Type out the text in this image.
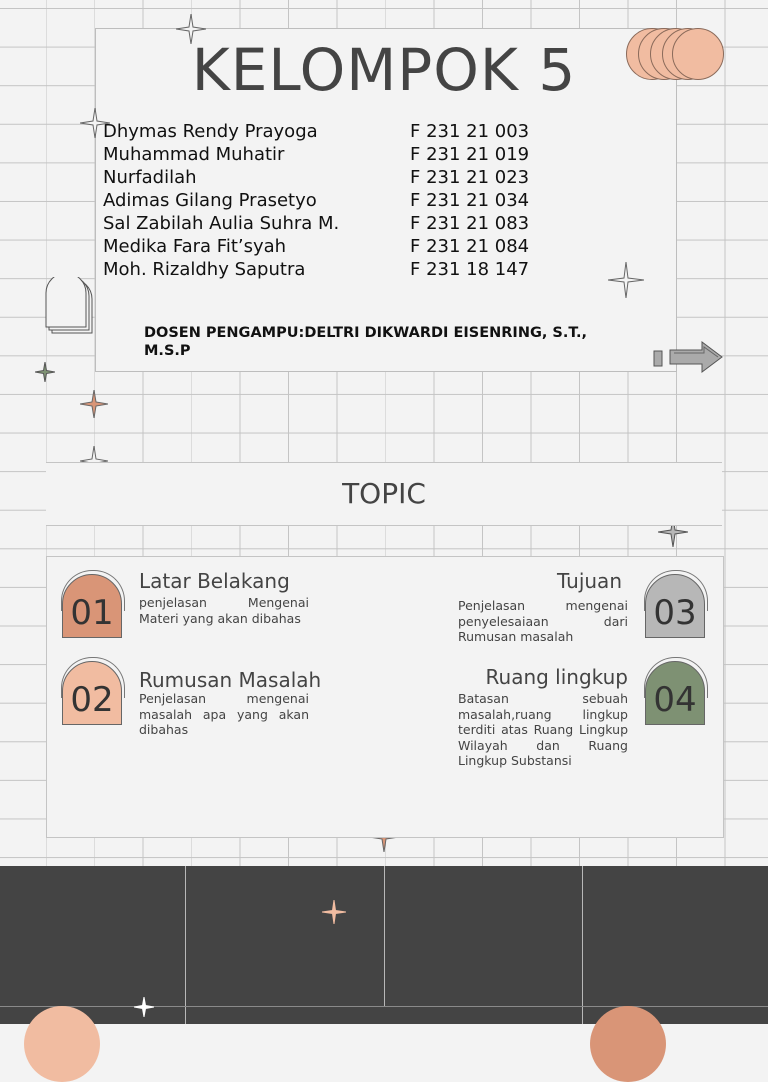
KELOMPOK 5
Dhymas Rendy Prayoga	F 231 21 003
Muhammad Muhatir	F 231 21 019
Nurfadilah	F 231 21 023
Adimas Gilang Prasetyo	F 231 21 034
Sal Zabilah Aulia Suhra M.	F 231 21 083
Medika Fara Fit’syah	F 231 21 084
Moh. Rizaldhy Saputra	F 231 18 147
DOSEN PENGAMPU:DELTRI DIKWARDI EISENRING, S.T., M.S.P
TOPIC
01
Latar Belakang
penjelasan Mengenai Materi yang akan dibahas
02	Rumusan Masalah
Penjelasan mengenai masalah apa yang akan dibahas
03
Tujuan
Penjelasan mengenai penyelesaiaan dari Rumusan masalah
04
Ruang lingkup
Batasan sebuah masalah,ruang lingkup terditi atas Ruang Lingkup Wilayah dan Ruang Lingkup Substansi
